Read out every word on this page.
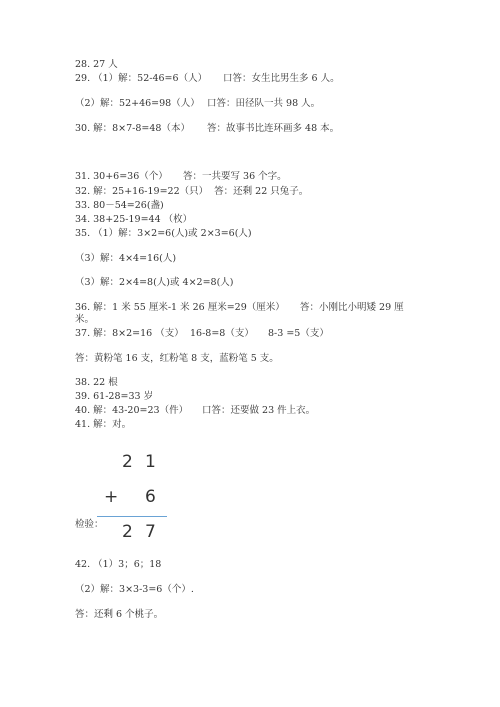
28. 27 人

29. （1）解：52-46=6（人）

口答：女生比男生多 6 人。

（2）解：52+46=98（人）

口答：田径队一共 98 人。

30. 解：8×7-8=48（本）

答：故事书比连环画多 48 本。

31. 30+6=36（个）

答：一共要写 36 个字。

32. 解：25+16-19=22（只）  答：还剩 22 只兔子。
33. 80－54=26(盏)
34. 38+25-19=44 （枚）
35. （1）解：3×2=6(人)或 2×3=6(人)
（3）解：4×4=16(人)
（3）解：2×4=8(人)或 4×2=8(人)

36. 解：1 米 55 厘米-1 米 26 厘米=29（厘米）

答：小刚比小明矮 29 厘

米。

37. 解：8×2=16 （支）

16-8=8（支）

8-3 =5（支）

答：黄粉笔 16 支，红粉笔 8 支，蓝粉笔 5 支。
38. 22 根
39. 61-28=33 岁

40. 解：43-20=23（件）

口答：还要做 23 件上衣。

41. 解：对。
2 1
+ 6
2 7
检验：
42. （1）3；6；18
（2）解：3×3-3=6（个）.
答：还剩 6 个桃子。
